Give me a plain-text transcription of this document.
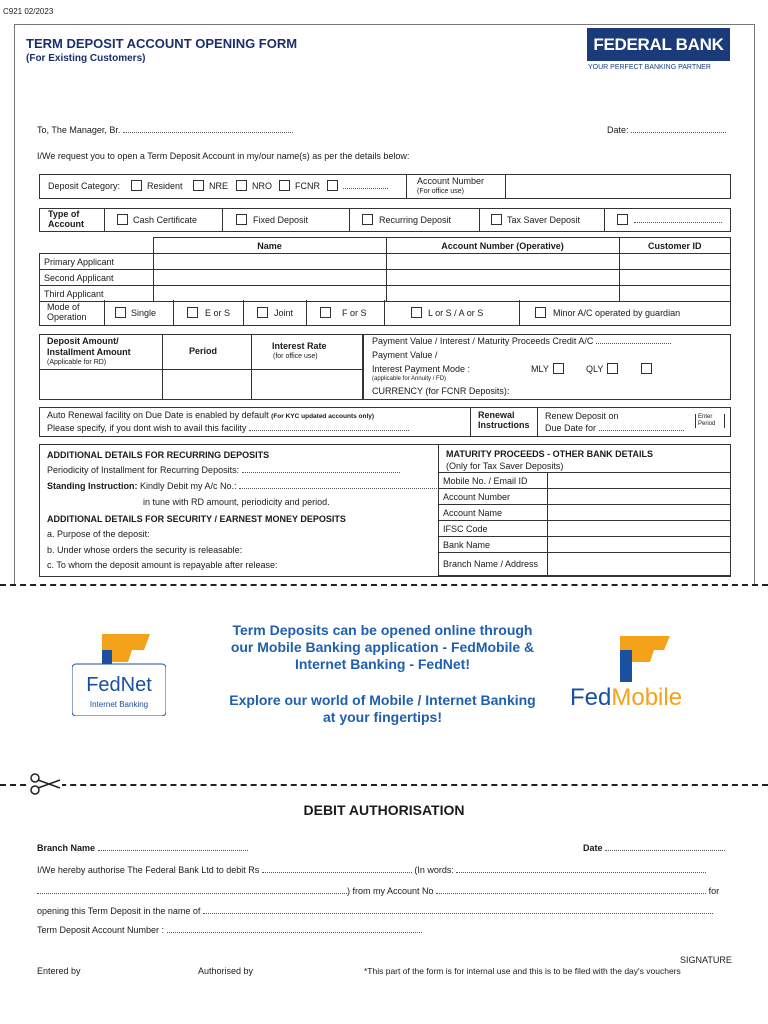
C921 02/2023
TERM DEPOSIT ACCOUNT OPENING FORM
(For Existing Customers)
FEDERAL BANK
YOUR PERFECT BANKING PARTNER
To, The Manager, Br.	Date:
I/We request you to open a Term Deposit Account in my/our name(s) as per the details below:
Deposit Category:	Resident	NRE	NRO	FCNR	Account Number
(For office use)
Type of Account	Cash Certificate	Fixed Deposit	Recurring Deposit	Tax Saver Deposit
	Name	Account Number (Operative)	Customer ID
Primary Applicant			
Second Applicant			
Third Applicant			
Mode of Operation	Single	E or S	Joint	F or S	L or S / A or S	Minor A/C operated by guardian
Deposit Amount/ Installment Amount
(Applicable for RD)
Period	Interest Rate
(for office use)
Payment Value / Interest / Maturity Proceeds Credit A/C
Payment Value /
Interest Payment Mode :	MLY	QLY
(applicable for Annuity / FD)
CURRENCY (for FCNR Deposits):
Auto Renewal facility on Due Date is enabled by default (For KYC updated accounts only)
Please specify, if you dont wish to avail this facility
Renewal Instructions
Renew Deposit on
Due Date for
Enter Period
ADDITIONAL DETAILS FOR RECURRING DEPOSITS
Periodicity of Installment for Recurring Deposits:
Standing Instruction: Kindly Debit my A/c No.:
in tune with RD amount, periodicity and period.
ADDITIONAL DETAILS FOR SECURITY / EARNEST MONEY DEPOSITS
a. Purpose of the deposit:
b. Under whose orders the security is releasable:
c. To whom the deposit amount is repayable after release:
MATURITY PROCEEDS - OTHER BANK DETAILS
(Only for Tax Saver Deposits)
Mobile No. / Email ID	
Account Number	
Account Name	
IFSC Code	
Bank Name	
Branch Name / Address	
FedNet
Internet Banking
Term Deposits can be opened online through
our Mobile Banking application - FedMobile &
Internet Banking - FedNet!
Explore our world of Mobile / Internet Banking
at your fingertips!
FedMobile
DEBIT AUTHORISATION
Branch Name	Date
I/We hereby authorise The Federal Bank Ltd to debit Rs	(In words:
) from my Account No	for
opening this Term Deposit in the name of
Term Deposit Account Number :
SIGNATURE
Entered by	Authorised by	*This part of the form is for internal use and this is to be filed with the day's vouchers
